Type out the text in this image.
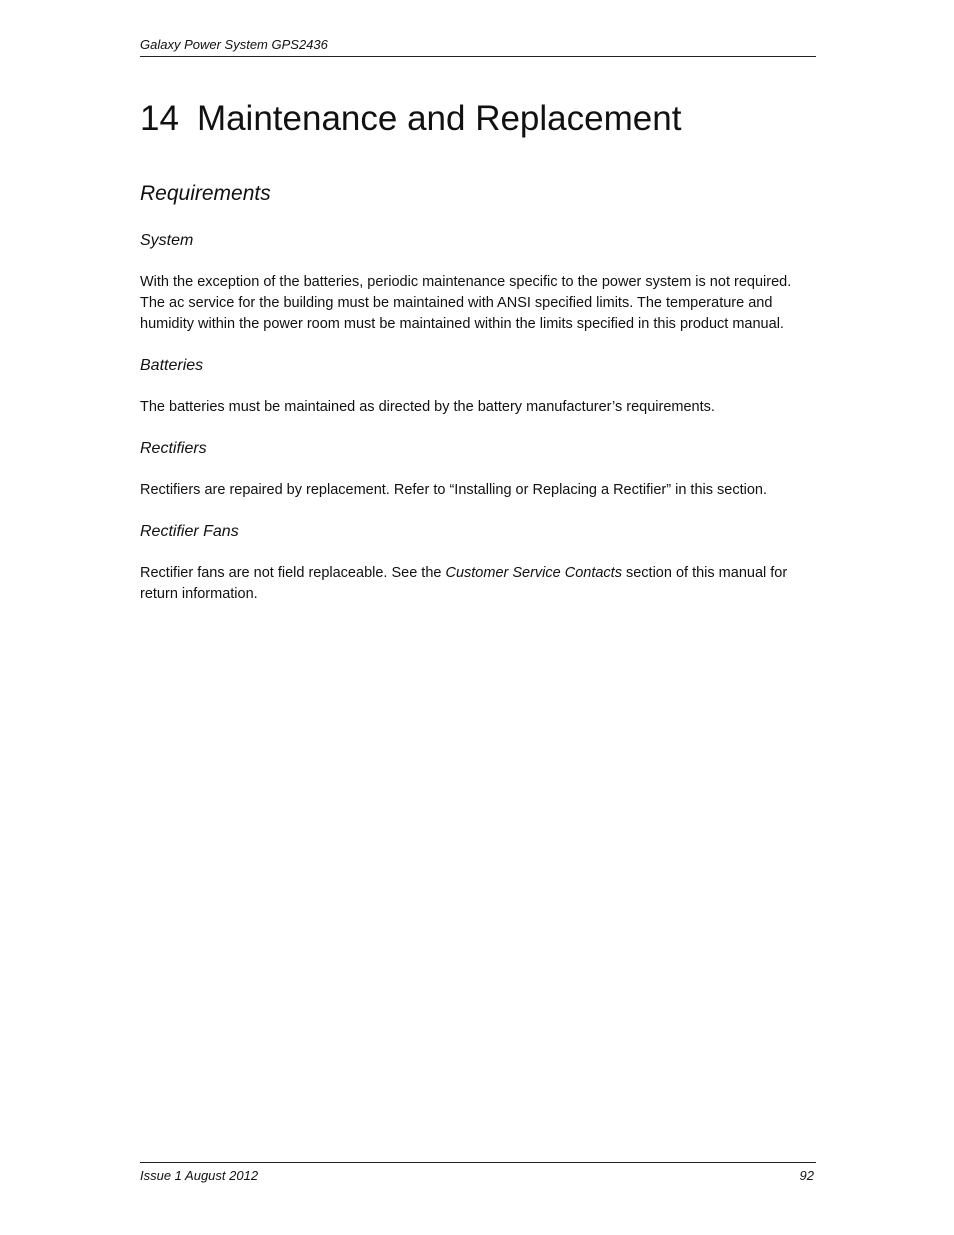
Galaxy Power System GPS2436
14 Maintenance and Replacement
Requirements
System

With the exception of the batteries, periodic maintenance specific to the power system is not required. The ac service for the building must be maintained with ANSI specified limits. The temperature and humidity within the power room must be maintained within the limits specified in this product manual.

Batteries

The batteries must be maintained as directed by the battery manufacturer’s requirements.

Rectifiers

Rectifiers are repaired by replacement. Refer to “Installing or Replacing a Rectifier” in this section.

Rectifier Fans

Rectifier fans are not field replaceable. See the Customer Service Contacts section of this manual for return information.

Issue 1 August 2012	92
